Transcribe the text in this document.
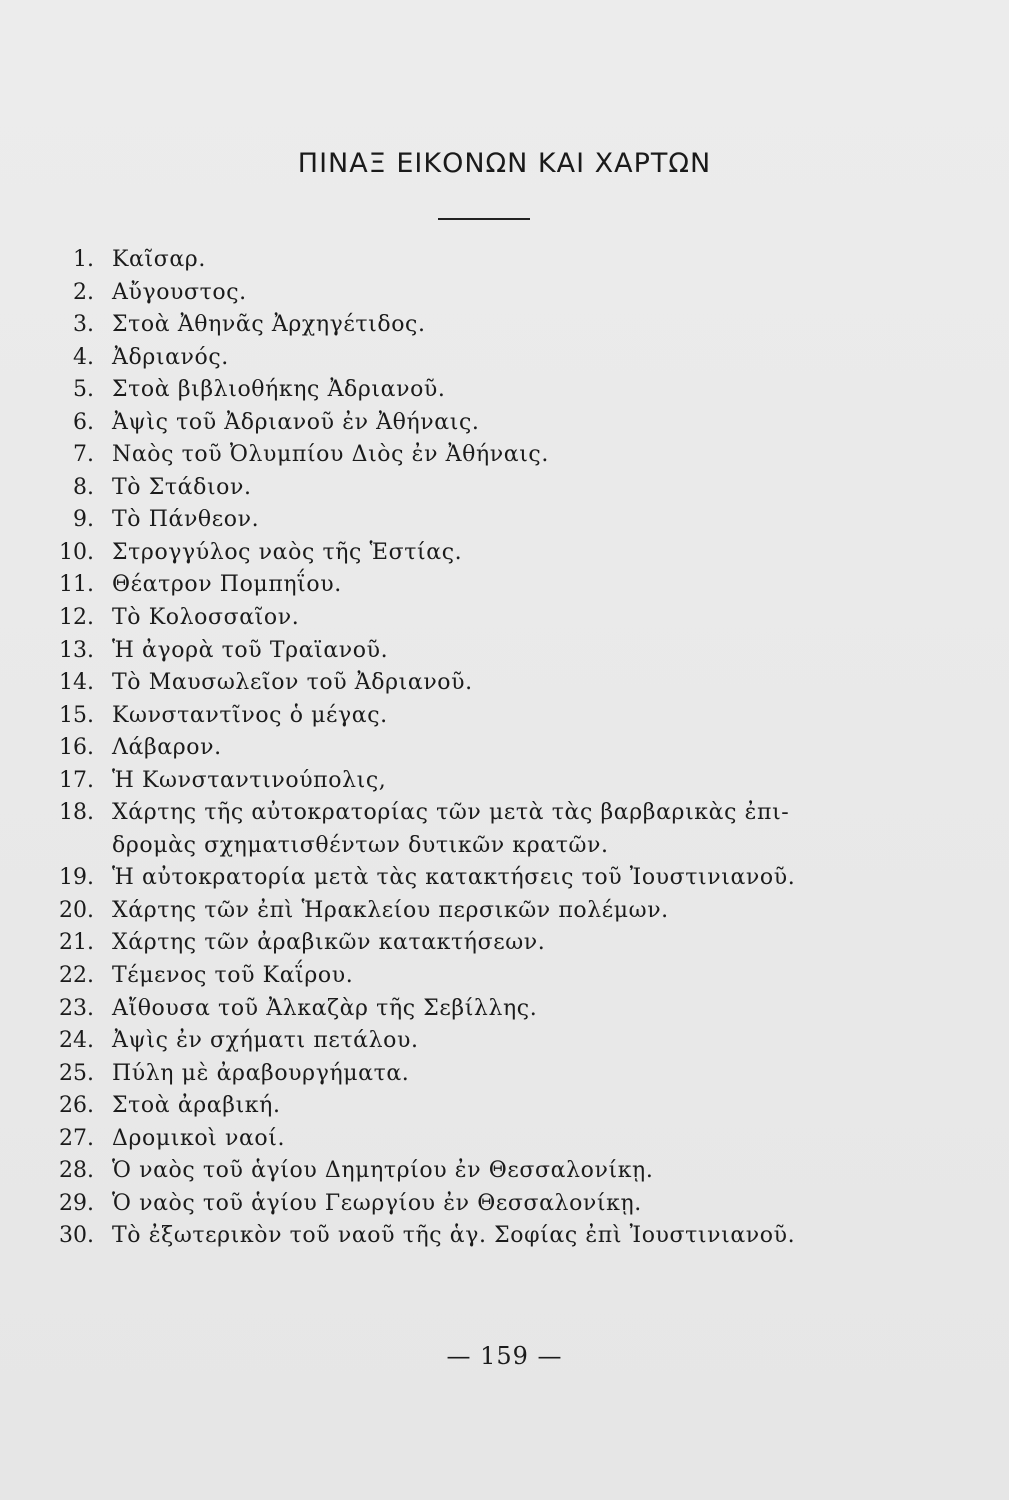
ΠΙΝΑΞ ΕΙΚΟΝΩΝ ΚΑΙ ΧΑΡΤΩΝ
1. Καῖσαρ.
2. Αὔγουστος.
3. Στοὰ Ἀθηνᾶς Ἀρχηγέτιδος.
4. Ἀδριανός.
5. Στοὰ βιβλιοθήκης Ἀδριανοῦ.
6. Ἀψὶς τοῦ Ἀδριανοῦ ἐν Ἀθήναις.
7. Ναὸς τοῦ Ὀλυμπίου Διὸς ἐν Ἀθήναις.
8. Τὸ Στάδιον.
9. Τὸ Πάνθεον.
10. Στρογγύλος ναὸς τῆς Ἑστίας.
11. Θέατρον Πομπηΐου.
12. Τὸ Κολοσσαῖον.
13. Ἡ ἀγορὰ τοῦ Τραϊανοῦ.
14. Τὸ Μαυσωλεῖον τοῦ Ἀδριανοῦ.
15. Κωνσταντῖνος ὁ μέγας.
16. Λάβαρον.
17. Ἡ Κωνσταντινούπολις,
18. Χάρτης τῆς αὐτοκρατορίας τῶν μετὰ τὰς βαρβαρικὰς ἐπι-
δρομὰς σχηματισθέντων δυτικῶν κρατῶν.
19. Ἡ αὐτοκρατορία μετὰ τὰς κατακτήσεις τοῦ Ἰουστινιανοῦ.
20. Χάρτης τῶν ἐπὶ Ἡρακλείου περσικῶν πολέμων.
21. Χάρτης τῶν ἀραβικῶν κατακτήσεων.
22. Τέμενος τοῦ Καΐρου.
23. Αἴθουσα τοῦ Ἀλκαζὰρ τῆς Σεβίλλης.
24. Ἀψὶς ἐν σχήματι πετάλου.
25. Πύλη μὲ ἀραβουργήματα.
26. Στοὰ ἀραβική.
27. Δρομικοὶ ναοί.
28. Ὁ ναὸς τοῦ ἁγίου Δημητρίου ἐν Θεσσαλονίκῃ.
29. Ὁ ναὸς τοῦ ἁγίου Γεωργίου ἐν Θεσσαλονίκῃ.
30. Τὸ ἐξωτερικὸν τοῦ ναοῦ τῆς ἁγ. Σοφίας ἐπὶ Ἰουστινιανοῦ.
— 159 —
